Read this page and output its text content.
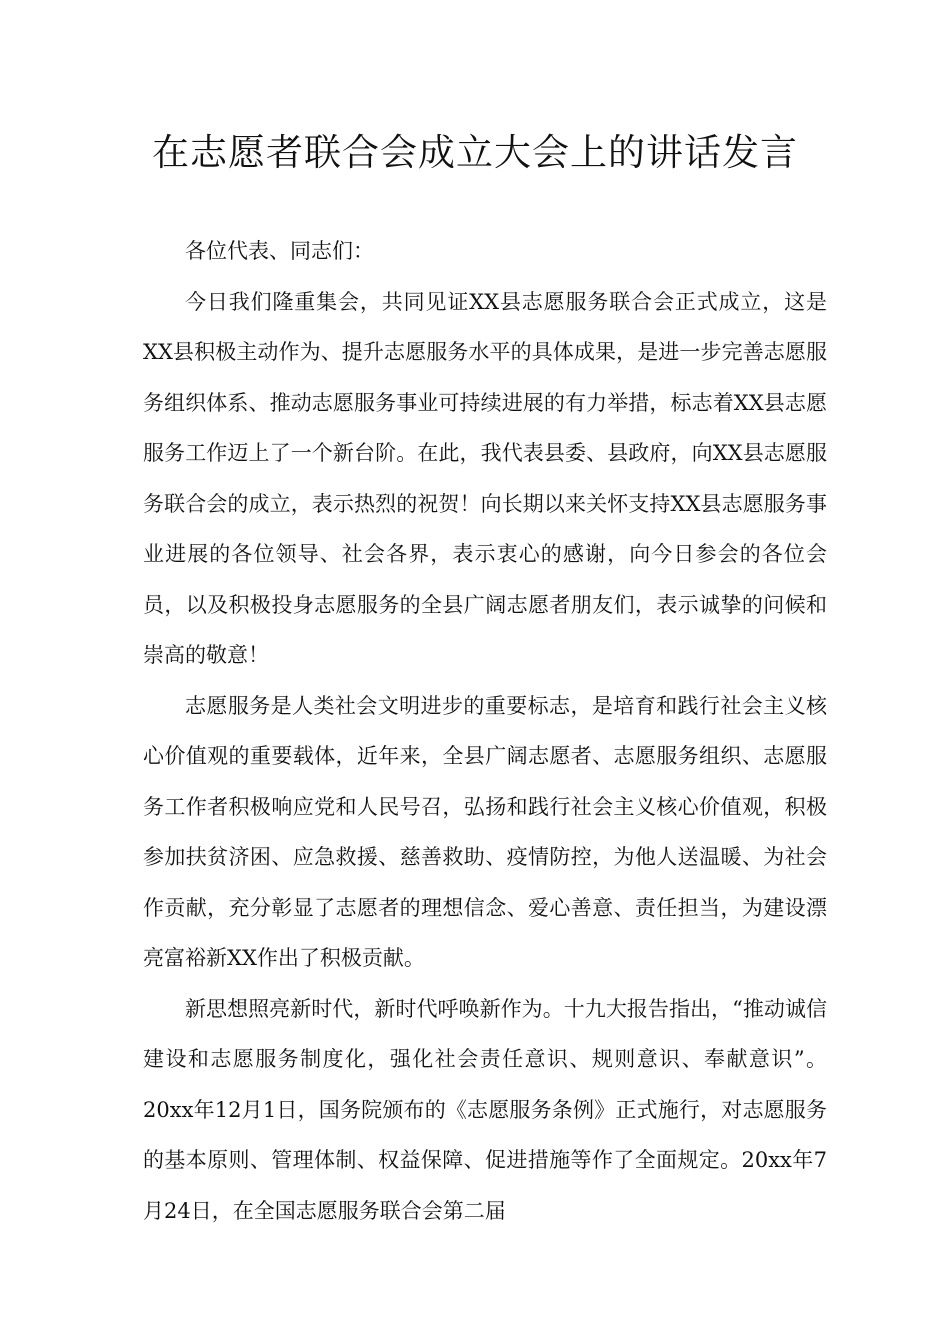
在志愿者联合会成立大会上的讲话发言

各位代表、同志们：

今日我们隆重集会，共同见证XX县志愿服务联合会正式成立，这是XX县积极主动作为、提升志愿服务水平的具体成果，是进一步完善志愿服务组织体系、推动志愿服务事业可持续进展的有力举措，标志着XX县志愿服务工作迈上了一个新台阶。在此，我代表县委、县政府，向XX县志愿服务联合会的成立，表示热烈的祝贺！向长期以来关怀支持XX县志愿服务事业进展的各位领导、社会各界，表示衷心的感谢，向今日参会的各位会员，以及积极投身志愿服务的全县广阔志愿者朋友们，表示诚挚的问候和崇高的敬意！

志愿服务是人类社会文明进步的重要标志，是培育和践行社会主义核心价值观的重要载体，近年来，全县广阔志愿者、志愿服务组织、志愿服务工作者积极响应党和人民号召，弘扬和践行社会主义核心价值观，积极参加扶贫济困、应急救援、慈善救助、疫情防控，为他人送温暖、为社会作贡献，充分彰显了志愿者的理想信念、爱心善意、责任担当，为建设漂亮富裕新XX作出了积极贡献。

新思想照亮新时代，新时代呼唤新作为。十九大报告指出，“推动诚信建设和志愿服务制度化，强化社会责任意识、规则意识、奉献意识”。20xx年12月1日，国务院颁布的《志愿服务条例》正式施行，对志愿服务的基本原则、管理体制、权益保障、促进措施等作了全面规定。20xx年7月24日，在全国志愿服务联合会第二届
